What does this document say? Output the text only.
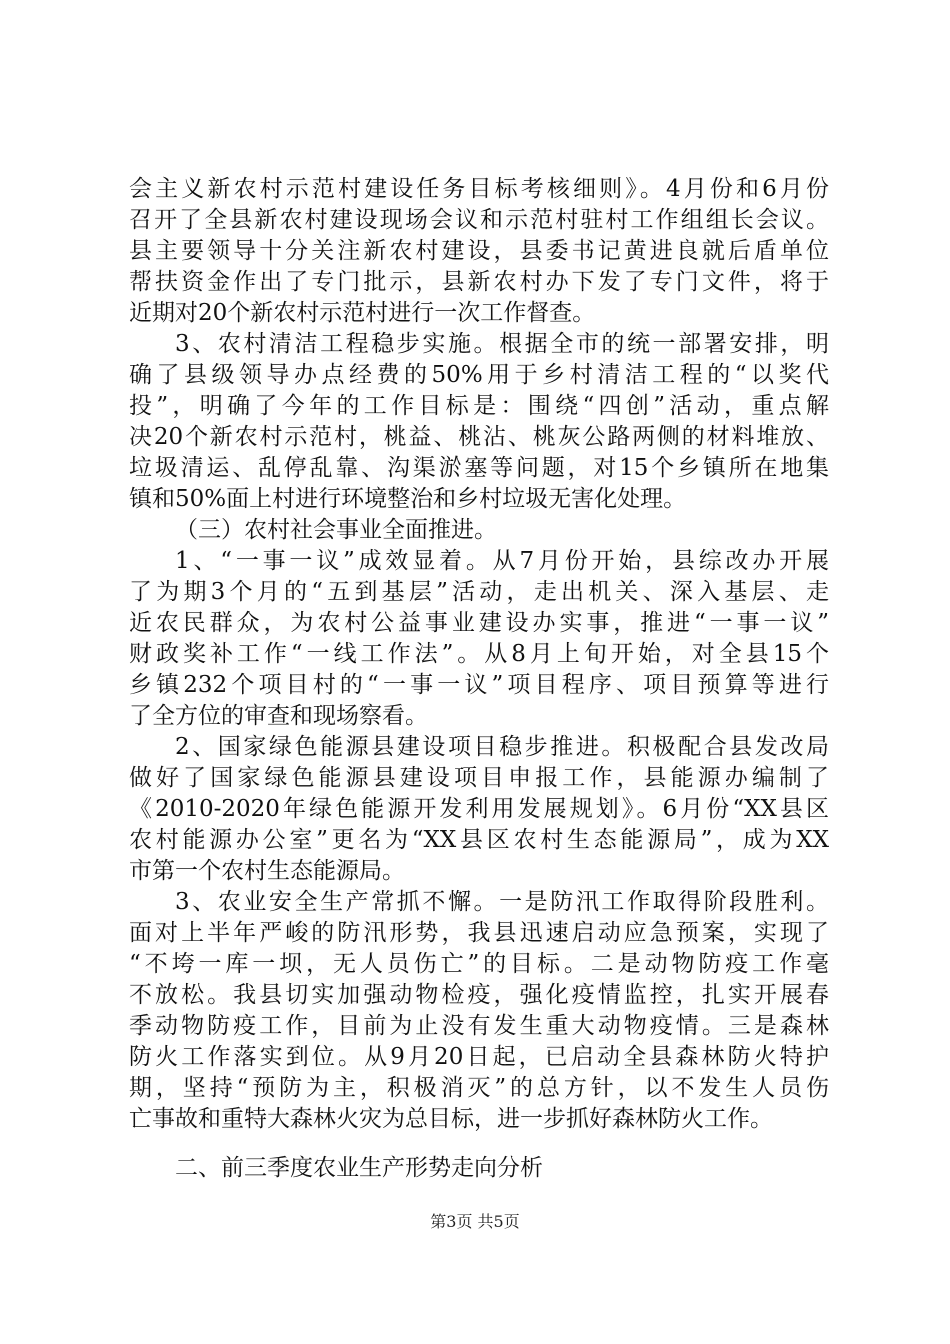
会主义新农村示范村建设任务目标考核细则》。4月份和6月份
召开了全县新农村建设现场会议和示范村驻村工作组组长会议。
县主要领导十分关注新农村建设，县委书记黄进良就后盾单位
帮扶资金作出了专门批示，县新农村办下发了专门文件，将于
近期对20个新农村示范村进行一次工作督查。
3、农村清洁工程稳步实施。根据全市的统一部署安排，明
确了县级领导办点经费的50%用于乡村清洁工程的“以奖代
投”，明确了今年的工作目标是：围绕“四创”活动，重点解
决20个新农村示范村，桃益、桃沾、桃灰公路两侧的材料堆放、
垃圾清运、乱停乱靠、沟渠淤塞等问题，对15个乡镇所在地集
镇和50%面上村进行环境整治和乡村垃圾无害化处理。
（三）农村社会事业全面推进。
1、“一事一议”成效显着。从7月份开始，县综改办开展
了为期3个月的“五到基层”活动，走出机关、深入基层、走
近农民群众，为农村公益事业建设办实事，推进“一事一议”
财政奖补工作“一线工作法”。从8月上旬开始，对全县15个
乡镇232个项目村的“一事一议”项目程序、项目预算等进行
了全方位的审查和现场察看。
2、国家绿色能源县建设项目稳步推进。积极配合县发改局
做好了国家绿色能源县建设项目申报工作，县能源办编制了
《2010-2020年绿色能源开发利用发展规划》。6月份“XX县区
农村能源办公室”更名为“XX县区农村生态能源局”，成为XX
市第一个农村生态能源局。
3、农业安全生产常抓不懈。一是防汛工作取得阶段胜利。
面对上半年严峻的防汛形势，我县迅速启动应急预案，实现了
“不垮一库一坝，无人员伤亡”的目标。二是动物防疫工作毫
不放松。我县切实加强动物检疫，强化疫情监控，扎实开展春
季动物防疫工作，目前为止没有发生重大动物疫情。三是森林
防火工作落实到位。从9月20日起，已启动全县森林防火特护
期，坚持“预防为主，积极消灭”的总方针，以不发生人员伤
亡事故和重特大森林火灾为总目标，进一步抓好森林防火工作。
二、前三季度农业生产形势走向分析
第3页 共5页
